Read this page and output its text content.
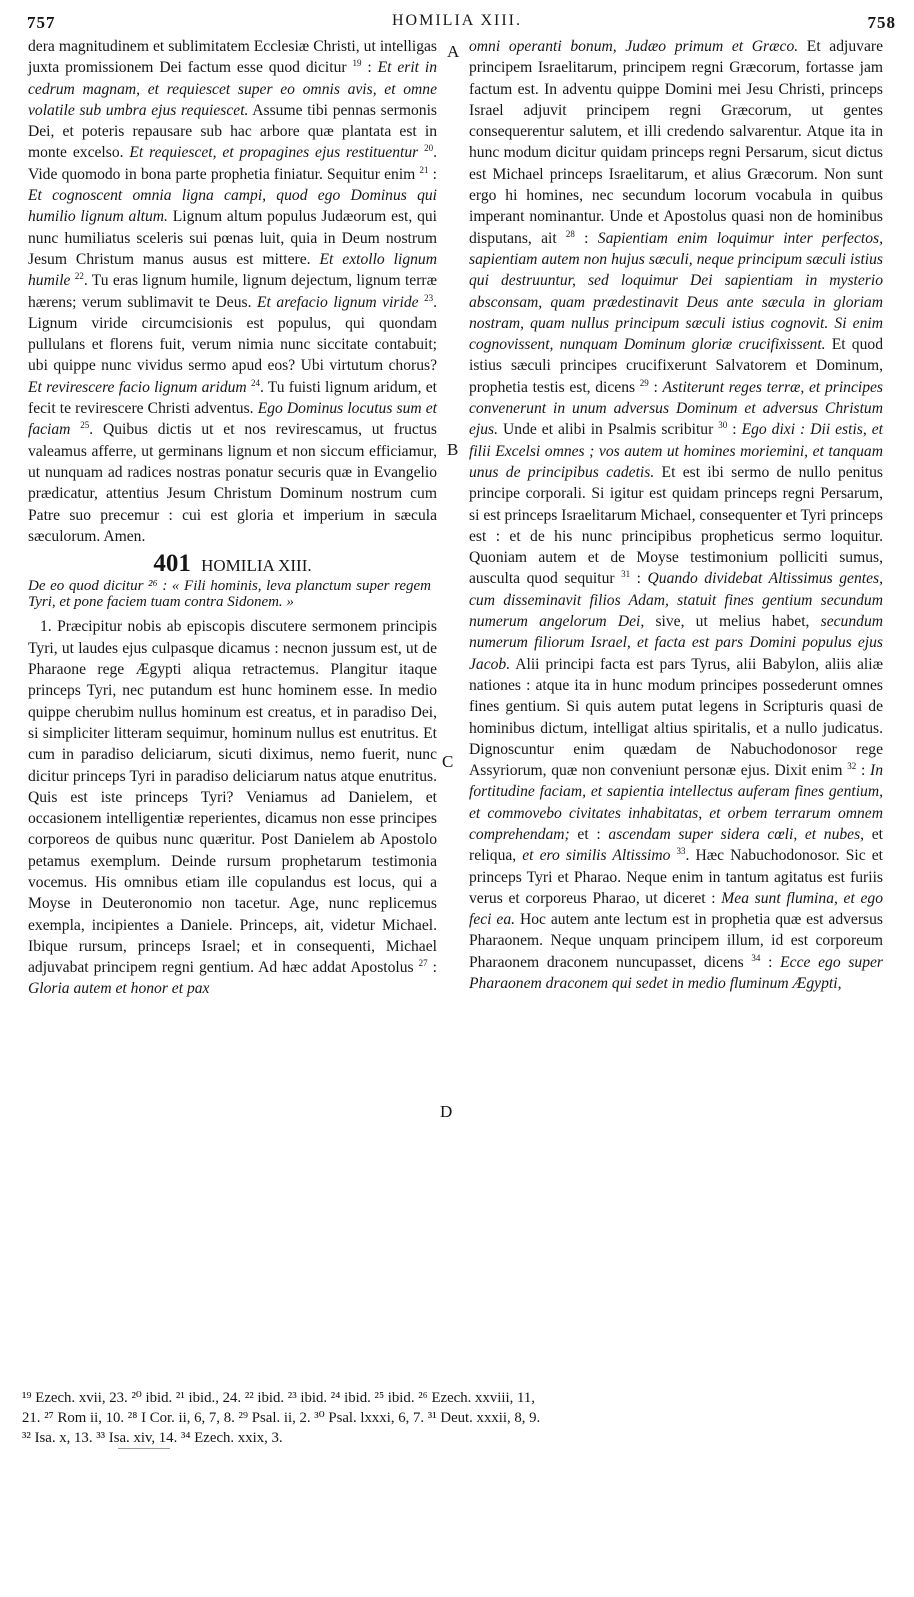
757	HOMILIA XIII.	758
A
B
C
D

dera magnitudinem et sublimitatem Ecclesiæ Christi, ut intelligas juxta promissionem Dei factum esse quod dicitur $^{19}$ : Et erit in cedrum magnam, et requiescet super eo omnis avis, et omne volatile sub umbra ejus requiescet. Assume tibi pennas sermonis Dei, et poteris repausare sub hac arbore quæ plantata est in monte excelso. Et requiescet, et propagines ejus restituentur $^{20}$. Vide quomodo in bona parte prophetia finiatur. Sequitur enim $^{21}$ : Et cognoscent omnia ligna campi, quod ego Dominus qui humilio lignum altum. Lignum altum populus Judæorum est, qui nunc humiliatus sceleris sui pœnas luit, quia in Deum nostrum Jesum Christum manus ausus est mittere. Et extollo lignum humile $^{22}$. Tu eras lignum humile, lignum dejectum, lignum terræ hærens; verum sublimavit te Deus. Et arefacio lignum viride $^{23}$. Lignum viride circumcisionis est populus, qui quondam pullulans et florens fuit, verum nimia nunc siccitate contabuit; ubi quippe nunc vividus sermo apud eos? Ubi virtutum chorus? Et revirescere facio lignum aridum $^{24}$. Tu fuisti lignum aridum, et fecit te revirescere Christi adventus. Ego Dominus locutus sum et faciam $^{25}$. Quibus dictis ut et nos revirescamus, ut fructus valeamus afferre, ut germinans lignum et non siccum efficiamur, ut nunquam ad radices nostras ponatur securis quæ in Evangelio prædicatur, attentius Jesum Christum Dominum nostrum cum Patre suo precemur : cui est gloria et imperium in sæcula sæculorum. Amen.

401 HOMILIA XIII.

De eo quod dicitur ²⁶ : « Fili hominis, leva planctum super regem Tyri, et pone faciem tuam contra Sidonem. »

1. Præcipitur nobis ab episcopis discutere sermonem principis Tyri, ut laudes ejus culpasque dicamus : necnon jussum est, ut de Pharaone rege Ægypti aliqua retractemus. Plangitur itaque princeps Tyri, nec putandum est hunc hominem esse. In medio quippe cherubim nullus hominum est creatus, et in paradiso Dei, si simpliciter litteram sequimur, hominum nullus est enutritus. Et cum in paradiso deliciarum, sicuti diximus, nemo fuerit, nunc dicitur princeps Tyri in paradiso deliciarum natus atque enutritus. Quis est iste princeps Tyri? Veniamus ad Danielem, et occasionem intelligentiæ reperientes, dicamus non esse principes corporeos de quibus nunc quæritur. Post Danielem ab Apostolo petamus exemplum. Deinde rursum prophetarum testimonia vocemus. His omnibus etiam ille copulandus est locus, qui a Moyse in Deuteronomio non tacetur. Age, nunc replicemus exempla, incipientes a Daniele. Princeps, ait, videtur Michael. Ibique rursum, princeps Israel; et in consequenti, Michael adjuvabat principem regni gentium. Ad hæc addat Apostolus $^{27}$ : Gloria autem et honor et pax

omni operanti bonum, Judæo primum et Græco. Et adjuvare principem Israelitarum, principem regni Græcorum, fortasse jam factum est. In adventu quippe Domini mei Jesu Christi, princeps Israel adjuvit principem regni Græcorum, ut gentes consequerentur salutem, et illi credendo salvarentur. Atque ita in hunc modum dicitur quidam princeps regni Persarum, sicut dictus est Michael princeps Israelitarum, et alius Græcorum. Non sunt ergo hi homines, nec secundum locorum vocabula in quibus imperant nominantur. Unde et Apostolus quasi non de hominibus disputans, ait $^{28}$ : Sapientiam enim loquimur inter perfectos, sapientiam autem non hujus sæculi, neque principum sæculi istius qui destruuntur, sed loquimur Dei sapientiam in mysterio absconsam, quam prædestinavit Deus ante sæcula in gloriam nostram, quam nullus principum sæculi istius cognovit. Si enim cognovissent, nunquam Dominum gloriæ crucifixissent. Et quod istius sæculi principes crucifixerunt Salvatorem et Dominum, prophetia testis est, dicens $^{29}$ : Astiterunt reges terræ, et principes convenerunt in unum adversus Dominum et adversus Christum ejus. Unde et alibi in Psalmis scribitur $^{30}$ : Ego dixi : Dii estis, et filii Excelsi omnes ; vos autem ut homines moriemini, et tanquam unus de principibus cadetis. Et est ibi sermo de nullo penitus principe corporali. Si igitur est quidam princeps regni Persarum, si est princeps Israelitarum Michael, consequenter et Tyri princeps est : et de his nunc principibus propheticus sermo loquitur. Quoniam autem et de Moyse testimonium polliciti sumus, ausculta quod sequitur $^{31}$ : Quando dividebat Altissimus gentes, cum disseminavit filios Adam, statuit fines gentium secundum numerum angelorum Dei, sive, ut melius habet, secundum numerum filiorum Israel, et facta est pars Domini populus ejus Jacob. Alii principi facta est pars Tyrus, alii Babylon, aliis aliæ nationes : atque ita in hunc modum principes possederunt omnes fines gentium. Si quis autem putat legens in Scripturis quasi de hominibus dictum, intelligat altius spiritalis, et a nullo judicatus. Dignoscuntur enim quædam de Nabuchodonosor rege Assyriorum, quæ non conveniunt personæ ejus. Dixit enim $^{32}$ : In fortitudine faciam, et sapientia intellectus auferam fines gentium, et commovebo civitates inhabitatas, et orbem terrarum omnem comprehendam; et : ascendam super sidera cœli, et nubes, et reliqua, et ero similis Altissimo $^{33}$. Hæc Nabuchodonosor. Sic et princeps Tyri et Pharao. Neque enim in tantum agitatus est furiis verus et corporeus Pharao, ut diceret : Mea sunt flumina, et ego feci ea. Hoc autem ante lectum est in prophetia quæ est adversus Pharaonem. Neque unquam principem illum, id est corporeum Pharaonem draconem nuncupasset, dicens $^{34}$ : Ecce ego super Pharaonem draconem qui sedet in medio fluminum Ægypti,

¹⁹ Ezech. xvii, 23. ²⁰ ibid. ²¹ ibid., 24. ²² ibid. ²³ ibid. ²⁴ ibid. ²⁵ ibid. ²⁶ Ezech. xxviii, 11,
21. ²⁷ Rom ii, 10. ²⁸ I Cor. ii, 6, 7, 8. ²⁹ Psal. ii, 2. ³⁰ Psal. lxxxi, 6, 7. ³¹ Deut. xxxii, 8, 9.
³² Isa. x, 13. ³³ Isa. xiv, 14. ³⁴ Ezech. xxix, 3.
